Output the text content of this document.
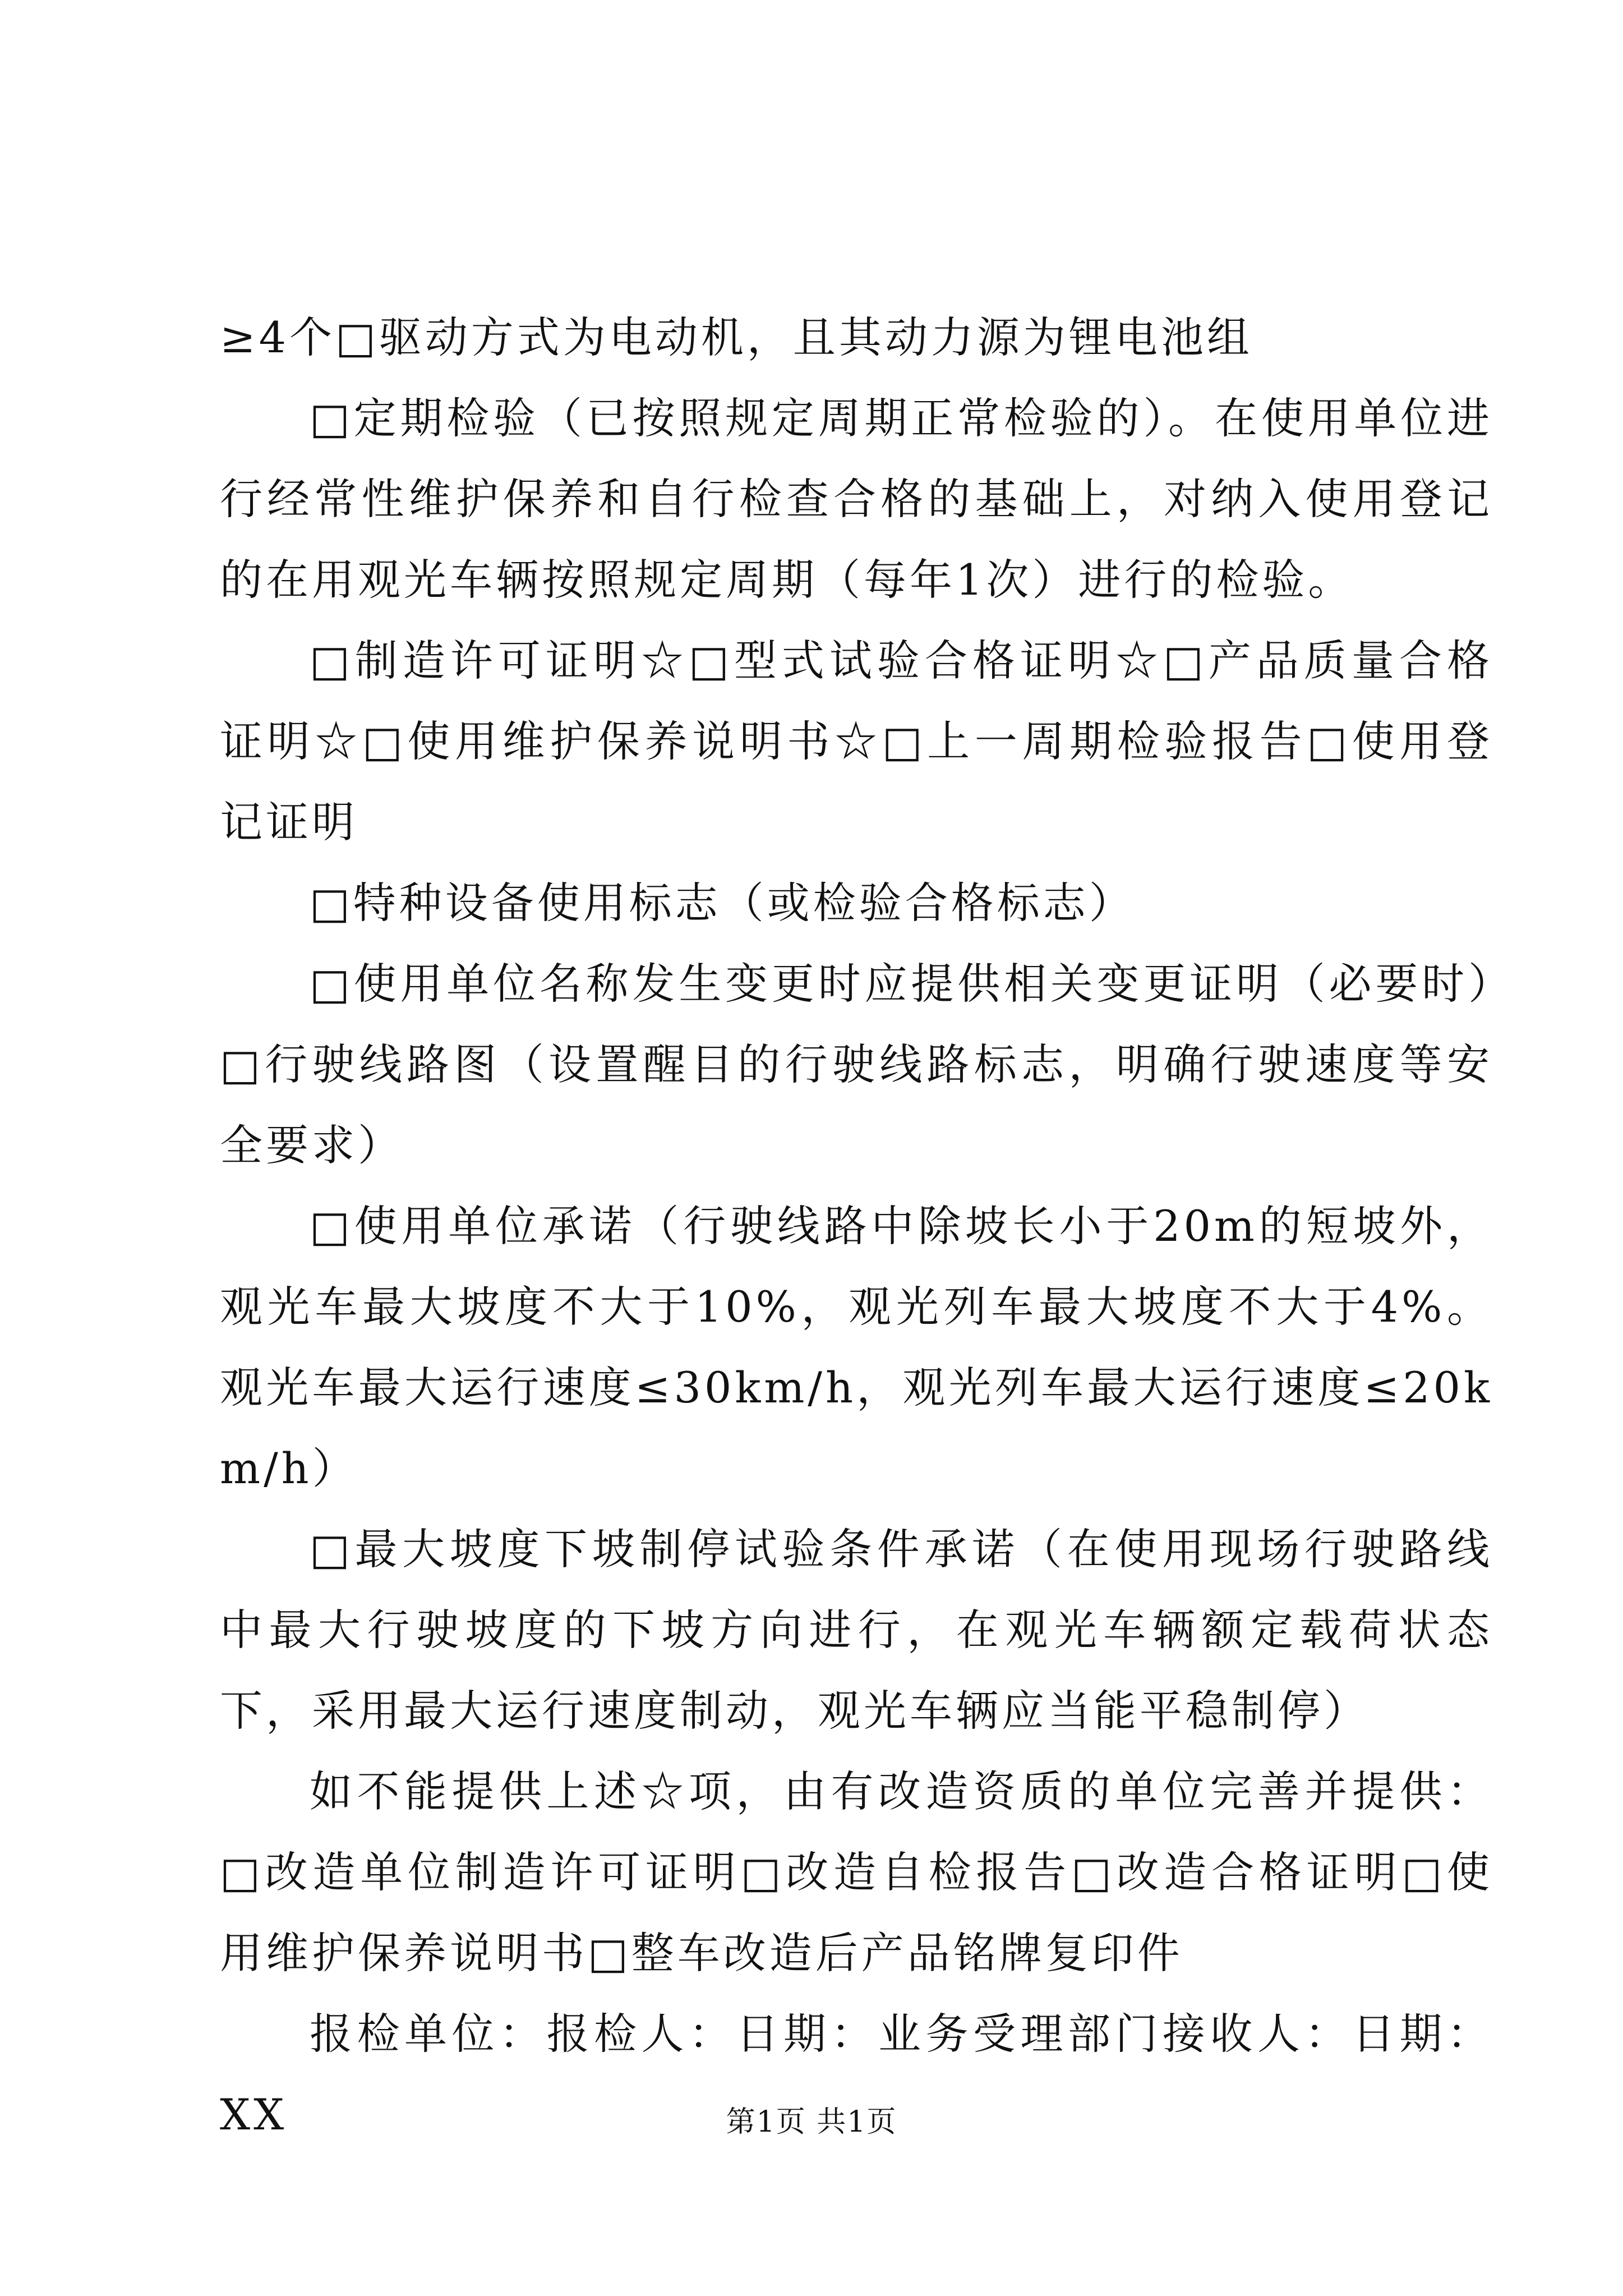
≥4个□驱动方式为电动机，且其动力源为锂电池组

□定期检验（已按照规定周期正常检验的）。在使用单位进行经常性维护保养和自行检查合格的基础上，对纳入使用登记的在用观光车辆按照规定周期（每年1次）进行的检验。

□制造许可证明☆□型式试验合格证明☆□产品质量合格证明☆□使用维护保养说明书☆□上一周期检验报告□使用登记证明

□特种设备使用标志（或检验合格标志）

□使用单位名称发生变更时应提供相关变更证明（必要时）□行驶线路图（设置醒目的行驶线路标志，明确行驶速度等安全要求）

□使用单位承诺（行驶线路中除坡长小于20m的短坡外，观光车最大坡度不大于10%，观光列车最大坡度不大于4%。观光车最大运行速度≤30km/h，观光列车最大运行速度≤20km/h）

□最大坡度下坡制停试验条件承诺（在使用现场行驶路线中最大行驶坡度的下坡方向进行，在观光车辆额定载荷状态下，采用最大运行速度制动，观光车辆应当能平稳制停）

如不能提供上述☆项，由有改造资质的单位完善并提供：□改造单位制造许可证明□改造自检报告□改造合格证明□使用维护保养说明书□整车改造后产品铭牌复印件

报检单位：报检人：日期：业务受理部门接收人：日期：XX	第1页 共1页
